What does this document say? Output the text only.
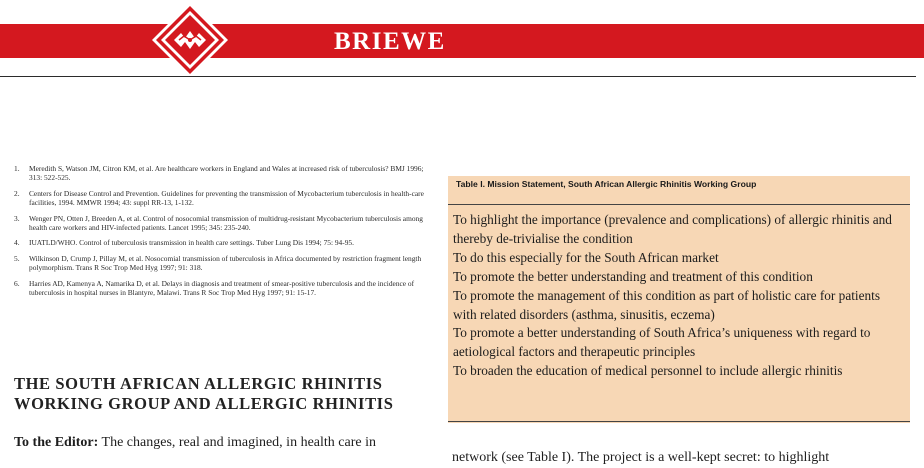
BRIEWE
1. Meredith S, Watson JM, Citron KM, et al. Are healthcare workers in England and Wales at increased risk of tuberculosis? BMJ 1996; 313: 522-525.
2. Centers for Disease Control and Prevention. Guidelines for preventing the transmission of Mycobacterium tuberculosis in health-care facilities, 1994. MMWR 1994; 43: suppl RR-13, 1-132.
3. Wenger PN, Otten J, Breeden A, et al. Control of nosocomial transmission of multidrug-resistant Mycobacterium tuberculosis among health care workers and HIV-infected patients. Lancet 1995; 345: 235-240.
4. IUATLD/WHO. Control of tuberculosis transmission in health care settings. Tuber Lung Dis 1994; 75: 94-95.
5. Wilkinson D, Crump J, Pillay M, et al. Nosocomial transmission of tuberculosis in Africa documented by restriction fragment length polymorphism. Trans R Soc Trop Med Hyg 1997; 91: 318.
6. Harries AD, Kamenya A, Namarika D, et al. Delays in diagnosis and treatment of smear-positive tuberculosis and the incidence of tuberculosis in hospital nurses in Blantyre, Malawi. Trans R Soc Trop Med Hyg 1997; 91: 15-17.
THE SOUTH AFRICAN ALLERGIC RHINITIS WORKING GROUP AND ALLERGIC RHINITIS

To the Editor: The changes, real and imagined, in health care in

Table I. Mission Statement, South African Allergic Rhinitis Working Group
To highlight the importance (prevalence and complications) of allergic rhinitis and thereby de-trivialise the condition
To do this especially for the South African market
To promote the better understanding and treatment of this condition
To promote the management of this condition as part of holistic care for patients with related disorders (asthma, sinusitis, eczema)
To promote a better understanding of South Africa’s uniqueness with regard to aetiological factors and therapeutic principles
To broaden the education of medical personnel to include allergic rhinitis

network (see Table I). The project is a well-kept secret: to highlight
